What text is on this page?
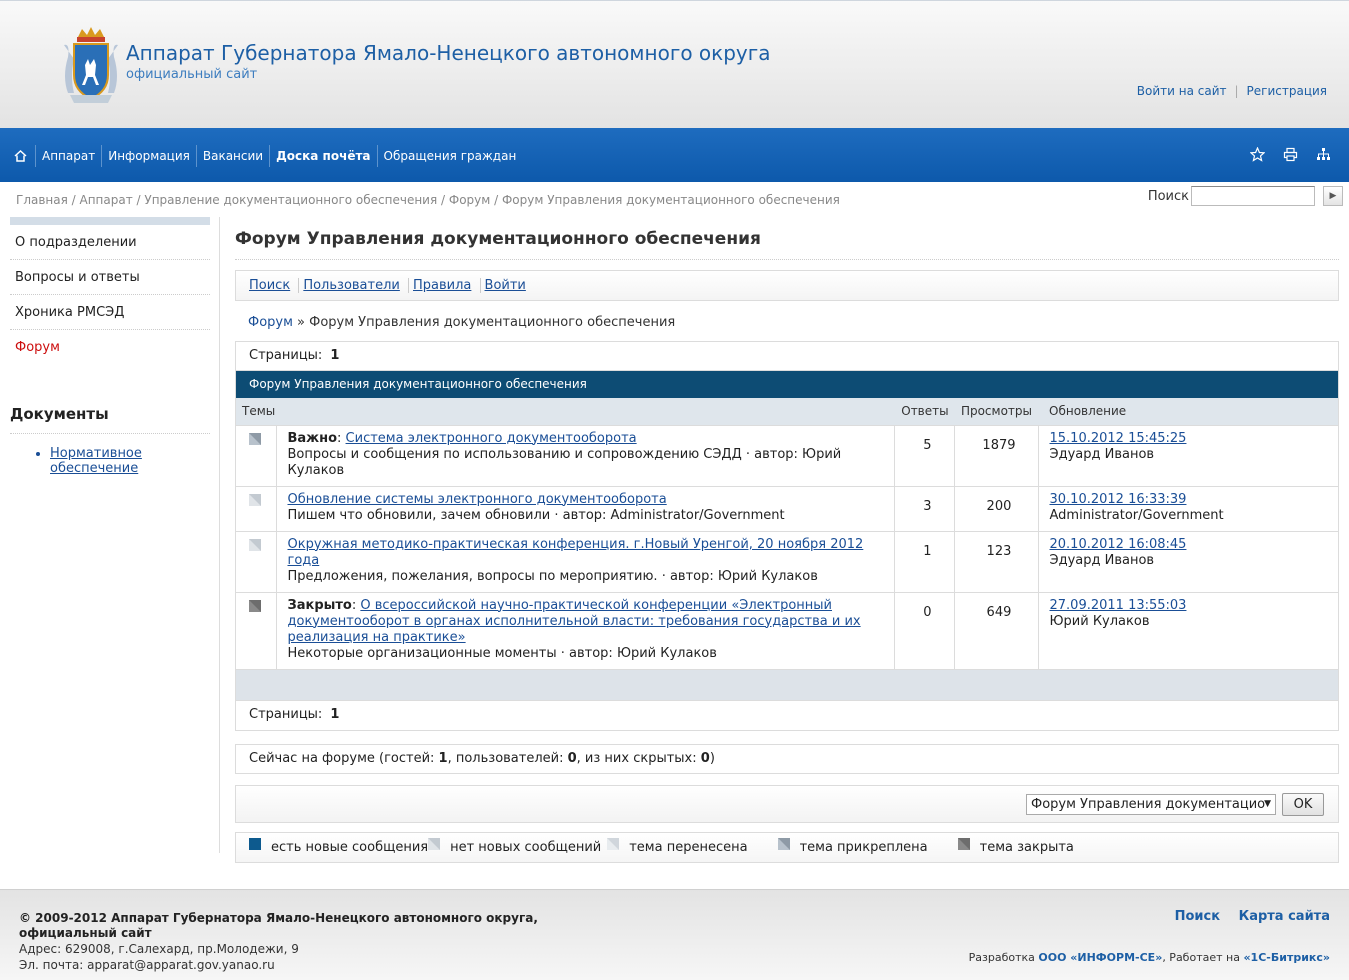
Аппарат Губернатора Ямало-Ненецкого автономного округа
официальный сайт
Войти на сайт | Регистрация
Аппарат	Информация	Вакансии	Доска почёта	Обращения граждан
Главная / Аппарат / Управление документационного обеспечения / Форум / Форум Управления документационного обеспечения	Поиск	▶
О подразделении
Вопросы и ответы
Хроника РМСЭД
Форум
Документы
Нормативное обеспечение
Форум Управления документационного обеспечения
Поиск Пользователи Правила Войти
Форум » Форум Управления документационного обеспечения
Страницы: 1
Форум Управления документационного обеспечения
Темы		Ответы	Просмотры	Обновление
	Важно: Система электронного документооборота
Вопросы и сообщения по использованию и сопровождению СЭДД · автор: Юрий Кулаков	5	1879	15.10.2012 15:45:25
Эдуард Иванов
	Обновление системы электронного документооборота
Пишем что обновили, зачем обновили · автор: Administrator/Government	3	200	30.10.2012 16:33:39
Administrator/Government
	Окружная методико-практическая конференция. г.Новый Уренгой, 20 ноября 2012 года
Предложения, пожелания, вопросы по мероприятию. · автор: Юрий Кулаков	1	123	20.10.2012 16:08:45
Эдуард Иванов
	Закрыто: О всероссийской научно-практической конференции «Электронный документооборот в органах исполнительной власти: требования государства и их реализация на практике»
Некоторые организационные моменты · автор: Юрий Кулаков	0	649	27.09.2011 13:55:03
Юрий Кулаков

Страницы: 1
Сейчас на форуме (гостей: 1, пользователей: 0, из них скрытых: 0)
Форум Управления документацио
▼	OK
есть новые сообщения нет новых сообщений тема перенесена	тема прикреплена	тема закрыта
© 2009-2012 Аппарат Губернатора Ямало-Ненецкого автономного округа,
официальный сайт
Адрес: 629008, г.Салехард, пр.Молодежи, 9
Эл. почта: apparat@apparat.gov.yanao.ru
Поиск Карта сайта
Разработка ООО «ИНФОРМ-СЕ», Работает на «1С-Битрикс»
